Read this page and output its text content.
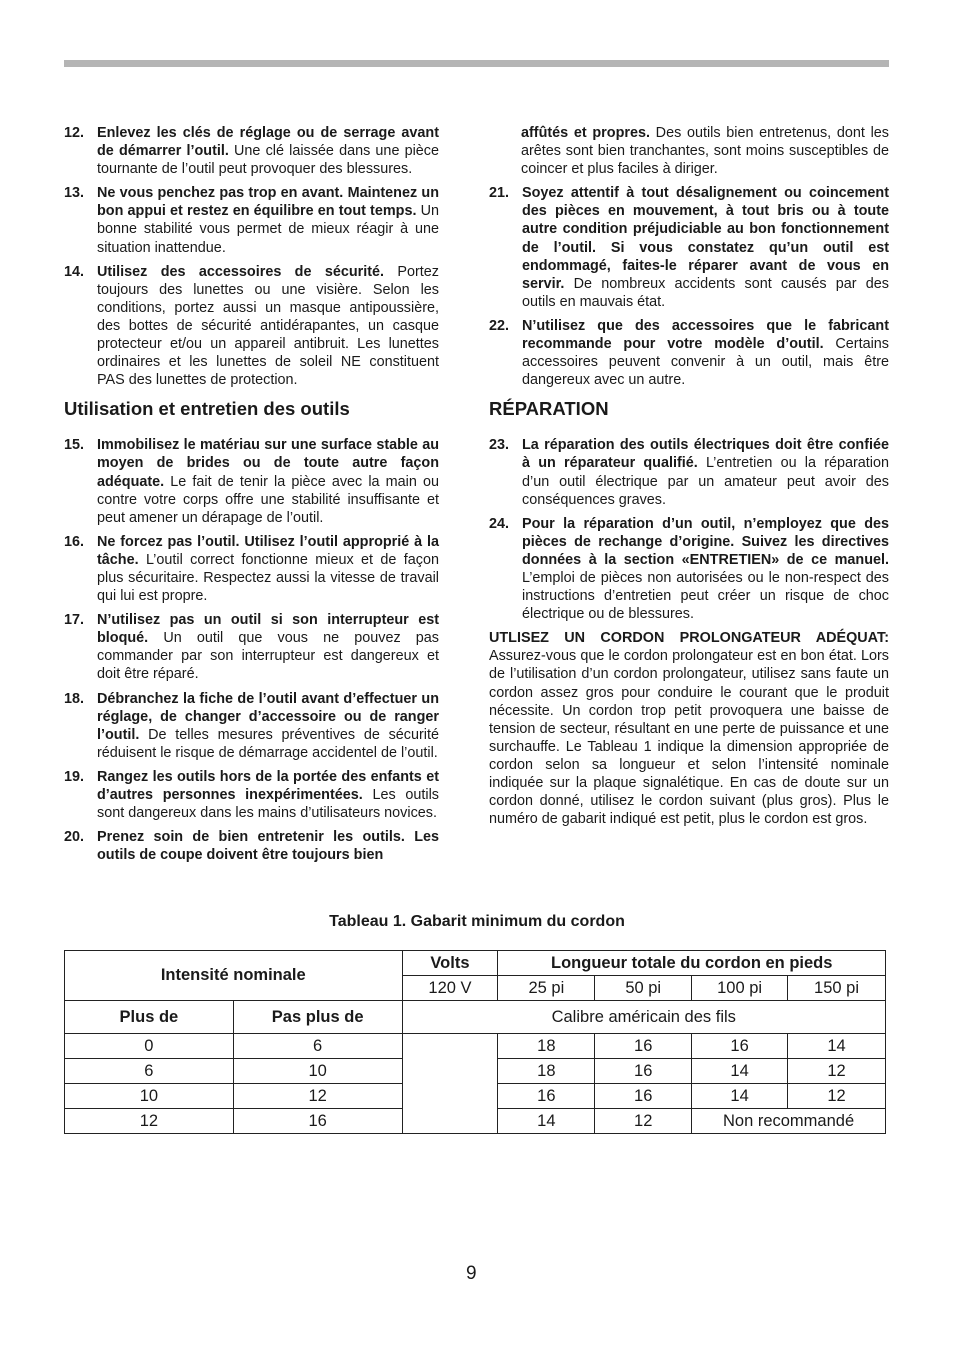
12. Enlevez les clés de réglage ou de serrage avant de démarrer l’outil. Une clé laissée dans une pièce tournante de l’outil peut provoquer des blessures.
13. Ne vous penchez pas trop en avant. Maintenez un bon appui et restez en équilibre en tout temps. Un bonne stabilité vous permet de mieux réagir à une situation inattendue.
14. Utilisez des accessoires de sécurité. Portez toujours des lunettes ou une visière. Selon les conditions, portez aussi un masque antipoussière, des bottes de sécurité antidérapantes, un casque protecteur et/ou un appareil antibruit. Les lunettes ordinaires et les lunettes de soleil NE constituent PAS des lunettes de protection.
Utilisation et entretien des outils
15. Immobilisez le matériau sur une surface stable au moyen de brides ou de toute autre façon adéquate. Le fait de tenir la pièce avec la main ou contre votre corps offre une stabilité insuffisante et peut amener un dérapage de l’outil.
16. Ne forcez pas l’outil. Utilisez l’outil approprié à la tâche. L’outil correct fonctionne mieux et de façon plus sécuritaire. Respectez aussi la vitesse de travail qui lui est propre.
17. N’utilisez pas un outil si son interrupteur est bloqué. Un outil que vous ne pouvez pas commander par son interrupteur est dangereux et doit être réparé.
18. Débranchez la fiche de l’outil avant d’effectuer un réglage, de changer d’accessoire ou de ranger l’outil. De telles mesures préventives de sécurité réduisent le risque de démarrage accidentel de l’outil.
19. Rangez les outils hors de la portée des enfants et d’autres personnes inexpérimentées. Les outils sont dangereux dans les mains d’utilisateurs novices.
20. Prenez soin de bien entretenir les outils. Les outils de coupe doivent être toujours bien
affûtés et propres. Des outils bien entretenus, dont les arêtes sont bien tranchantes, sont moins susceptibles de coincer et plus faciles à diriger.
21. Soyez attentif à tout désalignement ou coincement des pièces en mouvement, à tout bris ou à toute autre condition préjudiciable au bon fonctionnement de l’outil. Si vous constatez qu’un outil est endommagé, faites-le réparer avant de vous en servir. De nombreux accidents sont causés par des outils en mauvais état.
22. N’utilisez que des accessoires que le fabricant recommande pour votre modèle d’outil. Certains accessoires peuvent convenir à un outil, mais être dangereux avec un autre.
RÉPARATION
23. La réparation des outils électriques doit être confiée à un réparateur qualifié. L’entretien ou la réparation d’un outil électrique par un amateur peut avoir des conséquences graves.
24. Pour la réparation d’un outil, n’employez que des pièces de rechange d’origine. Suivez les directives données à la section «ENTRETIEN» de ce manuel. L’emploi de pièces non autorisées ou le non-respect des instructions d’entretien peut créer un risque de choc électrique ou de blessures.
UTLISEZ UN CORDON PROLONGATEUR ADÉQUAT: Assurez-vous que le cordon prolongateur est en bon état. Lors de l’utilisation d’un cordon prolongateur, utilisez sans faute un cordon assez gros pour conduire le courant que le produit nécessite. Un cordon trop petit provoquera une baisse de tension de secteur, résultant en une perte de puissance et une surchauffe. Le Tableau 1 indique la dimension appropriée de cordon selon sa longueur et selon l’intensité nominale indiquée sur la plaque signalétique. En cas de doute sur un cordon donné, utilisez le cordon suivant (plus gros). Plus le numéro de gabarit indiqué est petit, plus le cordon est gros.
Tableau 1. Gabarit minimum du cordon
Intensité nominale		Volts	Longueur totale du cordon en pieds			
		120 V	25 pi	50 pi	100 pi	150 pi
Plus de	Pas plus de	Calibre américain des fils				
0	6		18	16	16	14
6	10		18	16	14	12
10	12		16	16	14	12
12	16		14	12	Non recommandé	
9
